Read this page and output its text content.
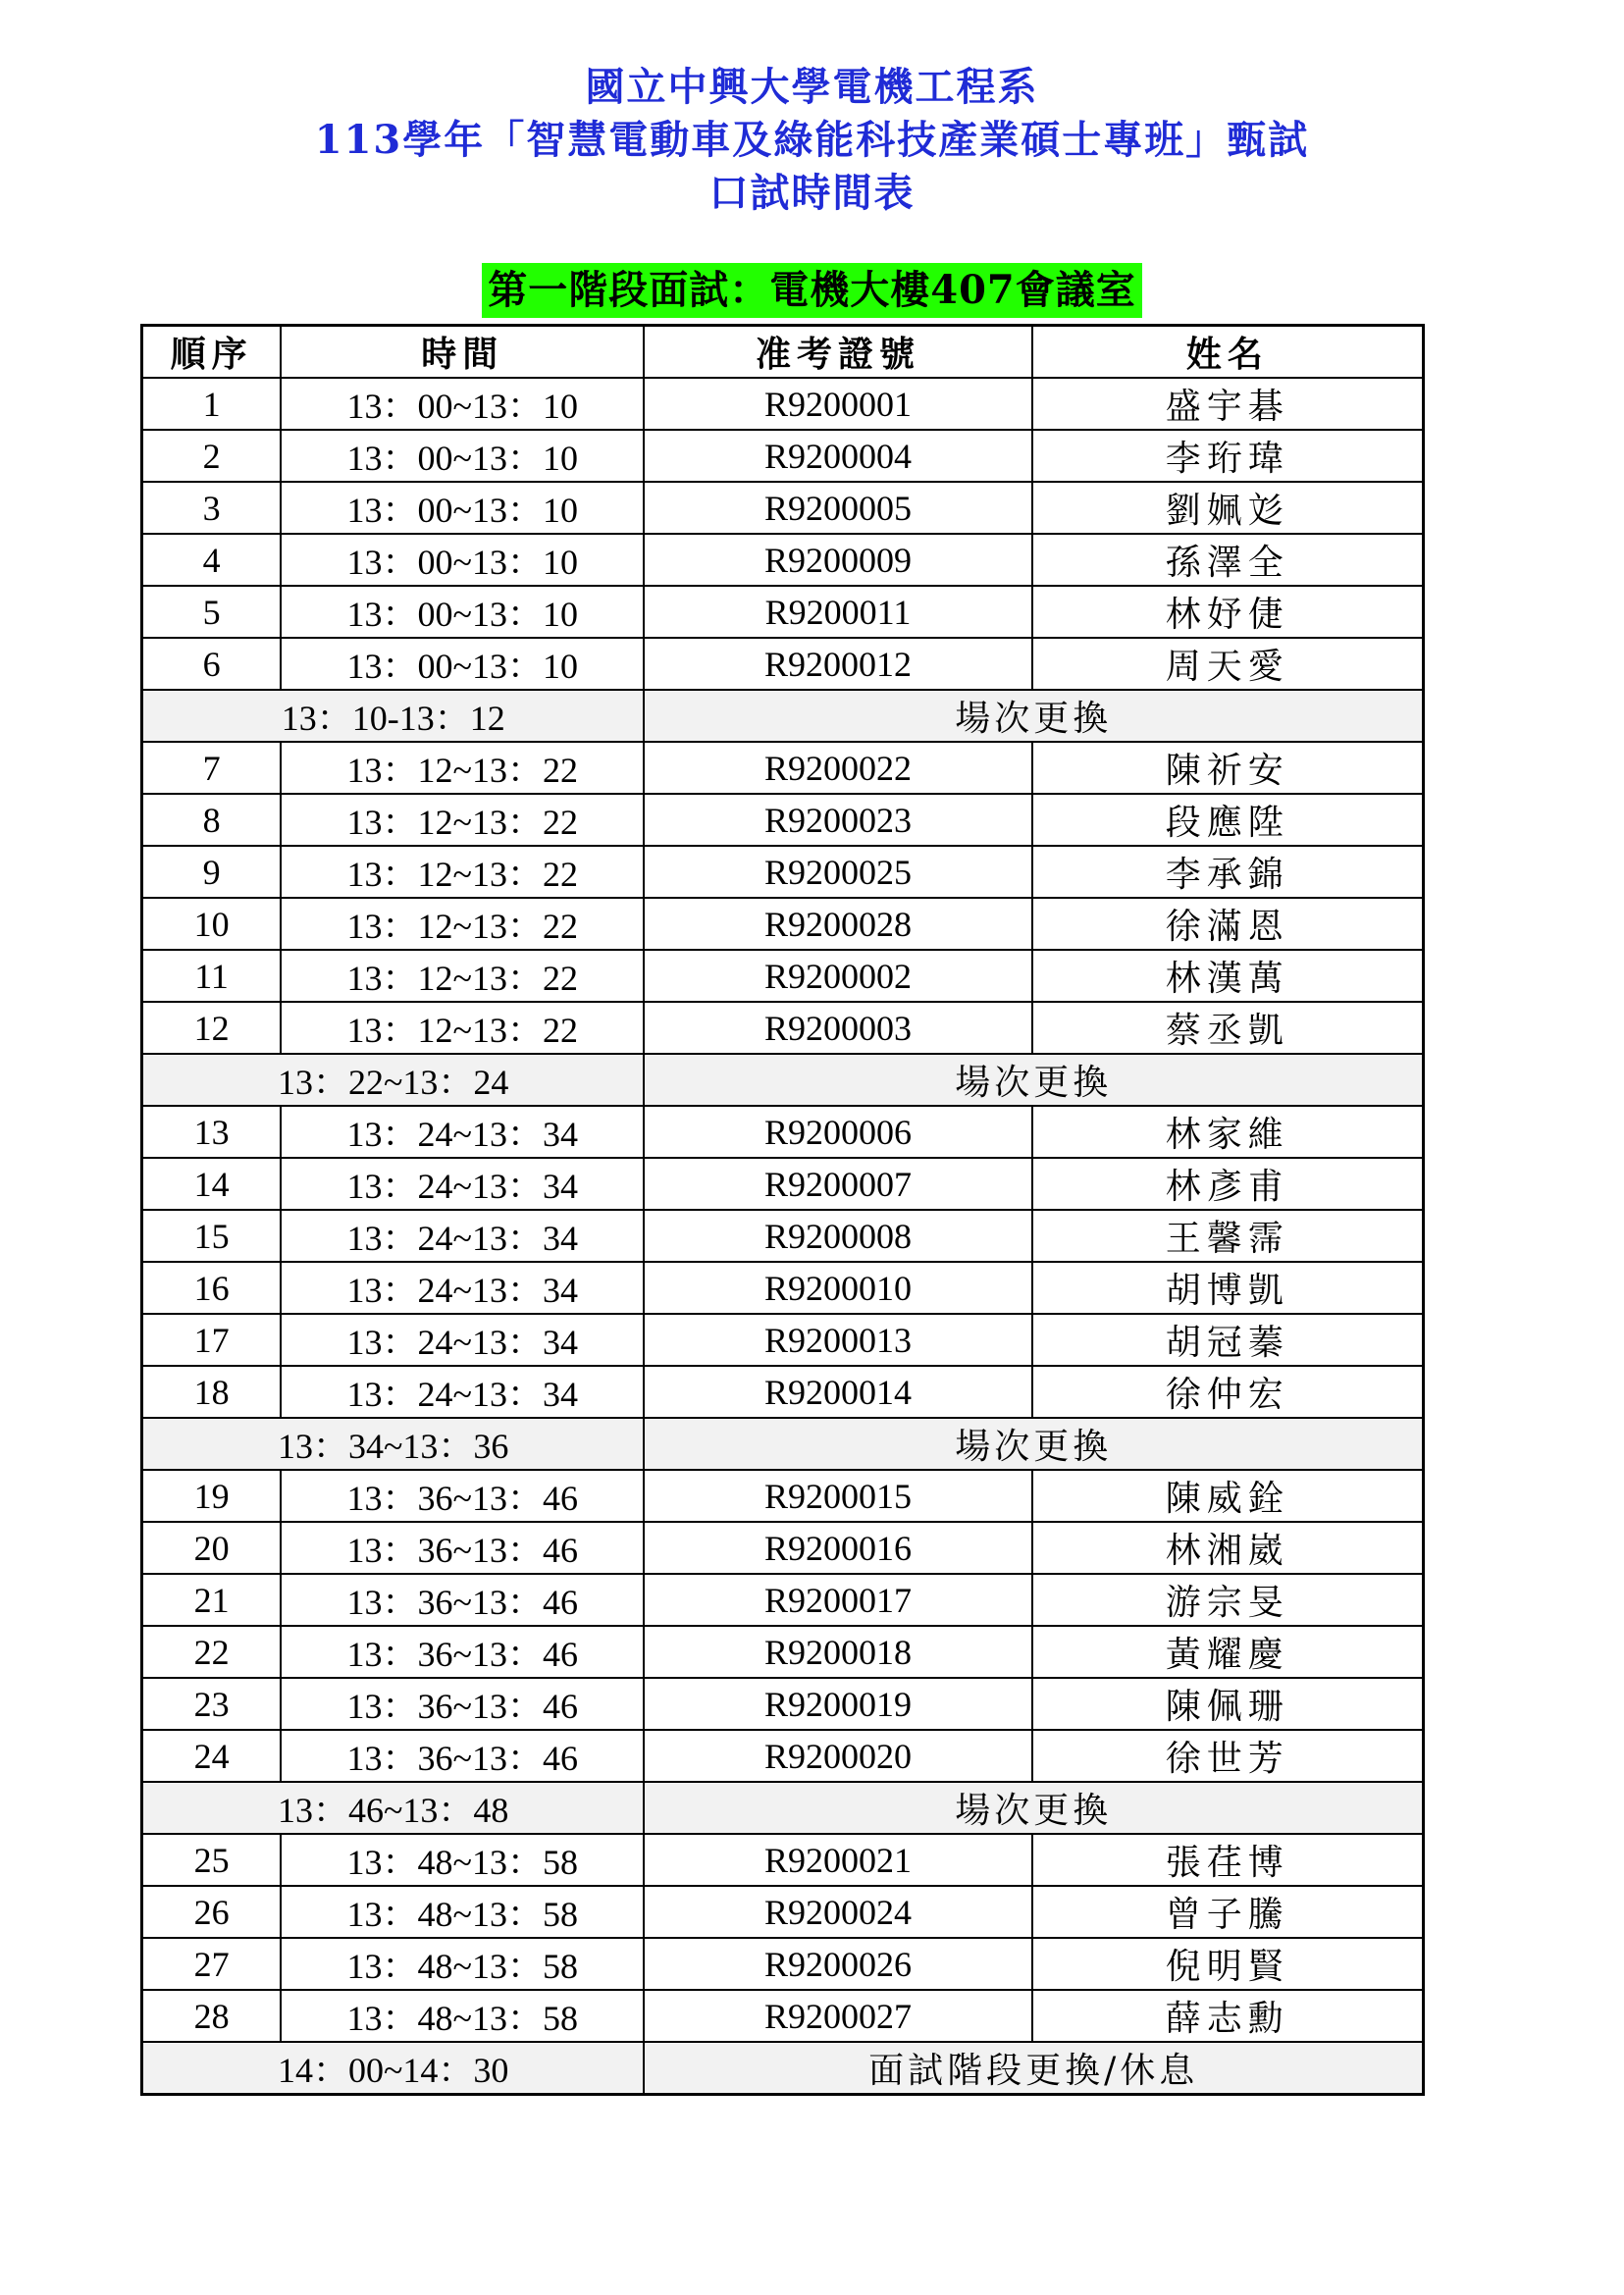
國立中興大學電機工程系
113學年「智慧電動車及綠能科技產業碩士專班」甄試
口試時間表
第一階段面試：電機大樓407會議室
順序	時間	准考證號	姓名
1	13：00~13：10	R9200001	盛宇碁
2	13：00~13：10	R9200004	李珩瑋
3	13：00~13：10	R9200005	劉姵彣
4	13：00~13：10	R9200009	孫澤全
5	13：00~13：10	R9200011	林妤倢
6	13：00~13：10	R9200012	周天愛
13：10-13：12		場次更換	
7	13：12~13：22	R9200022	陳祈安
8	13：12~13：22	R9200023	段應陞
9	13：12~13：22	R9200025	李承錦
10	13：12~13：22	R9200028	徐滿恩
11	13：12~13：22	R9200002	林漢萬
12	13：12~13：22	R9200003	蔡丞凱
13：22~13：24		場次更換	
13	13：24~13：34	R9200006	林家維
14	13：24~13：34	R9200007	林彥甫
15	13：24~13：34	R9200008	王馨霈
16	13：24~13：34	R9200010	胡博凱
17	13：24~13：34	R9200013	胡冠蓁
18	13：24~13：34	R9200014	徐仲宏
13：34~13：36		場次更換	
19	13：36~13：46	R9200015	陳威銓
20	13：36~13：46	R9200016	林湘崴
21	13：36~13：46	R9200017	游宗旻
22	13：36~13：46	R9200018	黃耀慶
23	13：36~13：46	R9200019	陳佩珊
24	13：36~13：46	R9200020	徐世芳
13：46~13：48		場次更換	
25	13：48~13：58	R9200021	張荏博
26	13：48~13：58	R9200024	曾子騰
27	13：48~13：58	R9200026	倪明賢
28	13：48~13：58	R9200027	薛志勳
14：00~14：30		面試階段更換/休息	
